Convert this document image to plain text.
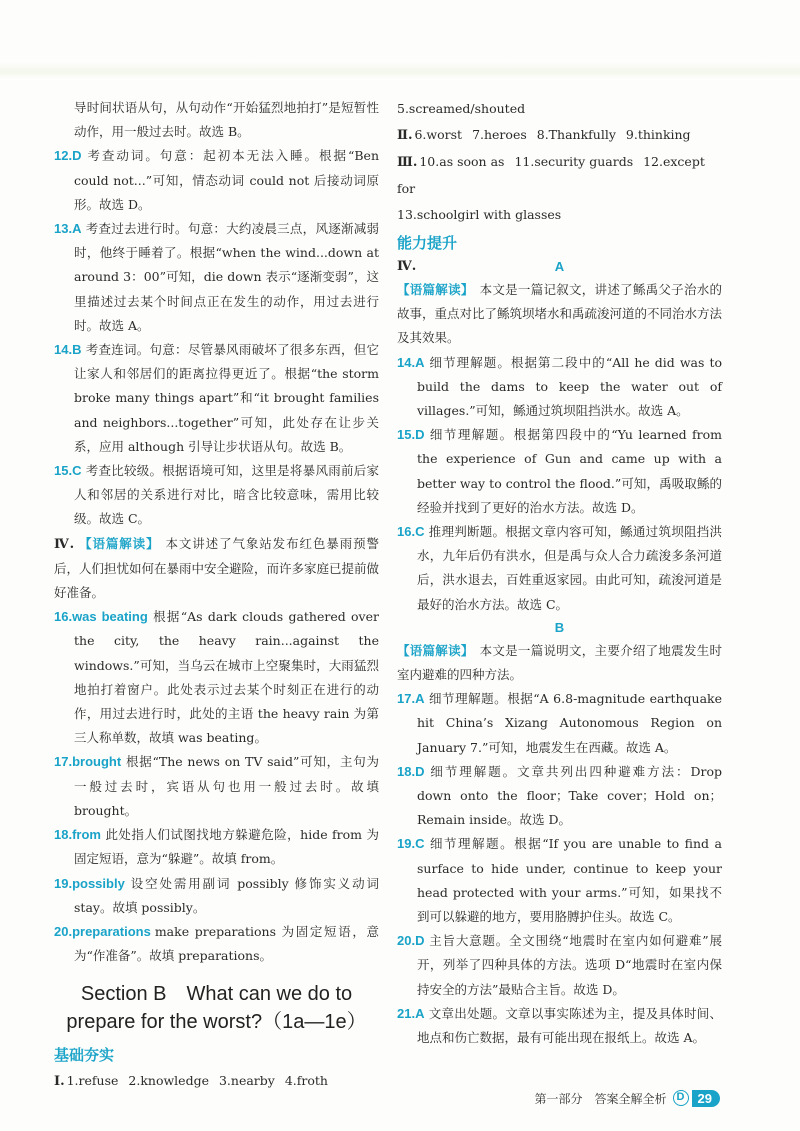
导时间状语从句，从句动作“开始猛烈地拍打”是短暂性动作，用一般过去时。故选 B。

12.D 考查动词。句意：起初本无法入睡。根据“Ben could not...”可知，情态动词 could not 后接动词原形。故选 D。

13.A 考查过去进行时。句意：大约凌晨三点，风逐渐减弱时，他终于睡着了。根据“when the wind...down at around 3：00”可知，die down 表示“逐渐变弱”，这里描述过去某个时间点正在发生的动作，用过去进行时。故选 A。

14.B 考查连词。句意：尽管暴风雨破坏了很多东西，但它让家人和邻居们的距离拉得更近了。根据“the storm broke many things apart”和“it brought families and neighbors...together”可知，此处存在让步关系，应用 although 引导让步状语从句。故选 B。

15.C 考查比较级。根据语境可知，这里是将暴风雨前后家人和邻居的关系进行对比，暗含比较意味，需用比较级。故选 C。

Ⅳ. 【语篇解读】 本文讲述了气象站发布红色暴雨预警后，人们担忧如何在暴雨中安全避险，而许多家庭已提前做好准备。

16.was beating 根据“As dark clouds gathered over the city, the heavy rain...against the windows.”可知，当乌云在城市上空聚集时，大雨猛烈地拍打着窗户。此处表示过去某个时刻正在进行的动作，用过去进行时，此处的主语 the heavy rain 为第三人称单数，故填 was beating。

17.brought 根据“The news on TV said”可知，主句为一般过去时，宾语从句也用一般过去时。故填 brought。

18.from 此处指人们试图找地方躲避危险，hide from 为固定短语，意为“躲避”。故填 from。

19.possibly 设空处需用副词 possibly 修饰实义动词 stay。故填 possibly。

20.preparations make preparations 为固定短语，意为“作准备”。故填 preparations。

Section B　What can we do to
prepare for the worst?（1a—1e）
基础夯实

Ⅰ. 1.refuse 2.knowledge 3.nearby 4.froth

5.screamed/shouted

Ⅱ. 6.worst 7.heroes 8.Thankfully 9.thinking

Ⅲ. 10.as soon as 11.security guards 12.except for

13.schoolgirl with glasses

能力提升
Ⅳ.	A

【语篇解读】 本文是一篇记叙文，讲述了鲧禹父子治水的故事，重点对比了鲧筑坝堵水和禹疏浚河道的不同治水方法及其效果。

14.A 细节理解题。根据第二段中的“All he did was to build the dams to keep the water out of villages.”可知，鲧通过筑坝阻挡洪水。故选 A。

15.D 细节理解题。根据第四段中的“Yu learned from the experience of Gun and came up with a better way to control the flood.”可知，禹吸取鲧的经验并找到了更好的治水方法。故选 D。

16.C 推理判断题。根据文章内容可知，鲧通过筑坝阻挡洪水，九年后仍有洪水，但是禹与众人合力疏浚多条河道后，洪水退去，百姓重返家园。由此可知，疏浚河道是最好的治水方法。故选 C。

B

【语篇解读】 本文是一篇说明文，主要介绍了地震发生时室内避难的四种方法。

17.A 细节理解题。根据“A 6.8-magnitude earthquake hit China’s Xizang Autonomous Region on January 7.”可知，地震发生在西藏。故选 A。

18.D 细节理解题。文章共列出四种避难方法：Drop down onto the floor；Take cover；Hold on；Remain inside。故选 D。

19.C 细节理解题。根据“If you are unable to find a surface to hide under, continue to keep your head protected with your arms.”可知，如果找不到可以躲避的地方，要用胳膊护住头。故选 C。

20.D 主旨大意题。全文围绕“地震时在室内如何避难”展开，列举了四种具体的方法。选项 D“地震时在室内保持安全的方法”最贴合主旨。故选 D。

21.A 文章出处题。文章以事实陈述为主，提及具体时间、地点和伤亡数据，最有可能出现在报纸上。故选 A。

第一部分　答案全解全析 D	29
